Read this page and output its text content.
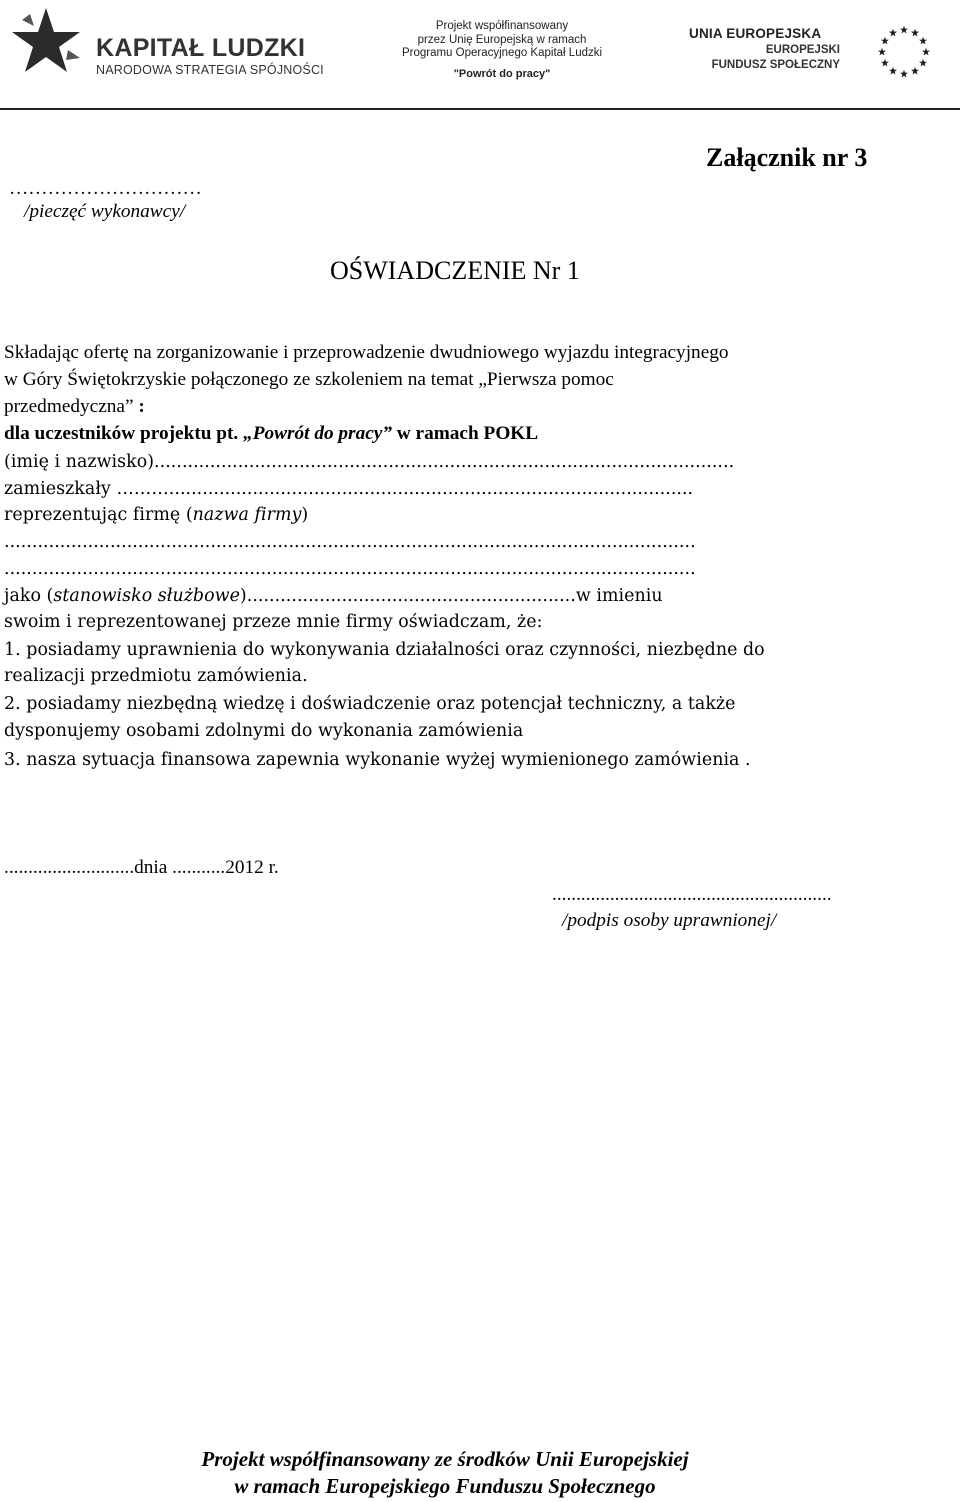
KAPITAŁ LUDZKI
NARODOWA STRATEGIA SPÓJNOŚCI
Projekt współfinansowany
przez Unię Europejską w ramach
Programu Operacyjnego Kapitał Ludzki
"Powrót do pracy"
UNIA EUROPEJSKA
EUROPEJSKI
FUNDUSZ SPOŁECZNY
Załącznik nr 3
…………………………
/pieczęć wykonawcy/
OŚWIADCZENIE Nr 1
Składając ofertę na zorganizowanie i przeprowadzenie dwudniowego wyjazdu integracyjnego
w Góry Świętokrzyskie połączonego ze szkoleniem na temat „Pierwsza pomoc
przedmedyczna” :
dla uczestników projektu pt. „Powrót do pracy” w ramach POKL
(imię i nazwisko)........................................................................................................
zamieszkały ………..............................................................................................
reprezentując firmę (nazwa firmy)
............................................................................................................................
............................................................................................................................
jako (stanowisko służbowe)...........................................................w imieniu
swoim i reprezentowanej przeze mnie firmy oświadczam, że:
1. posiadamy uprawnienia do wykonywania działalności oraz czynności, niezbędne do
realizacji przedmiotu zamówienia.
2. posiadamy niezbędną wiedzę i doświadczenie oraz potencjał techniczny, a także
dysponujemy osobami zdolnymi do wykonania zamówienia
3. nasza sytuacja finansowa zapewnia wykonanie wyżej wymienionego zamówienia .
...........................dnia ...........2012 r.
..........................................................
/podpis osoby uprawnionej/
Projekt współfinansowany ze środków Unii Europejskiej
w ramach Europejskiego Funduszu Społecznego
